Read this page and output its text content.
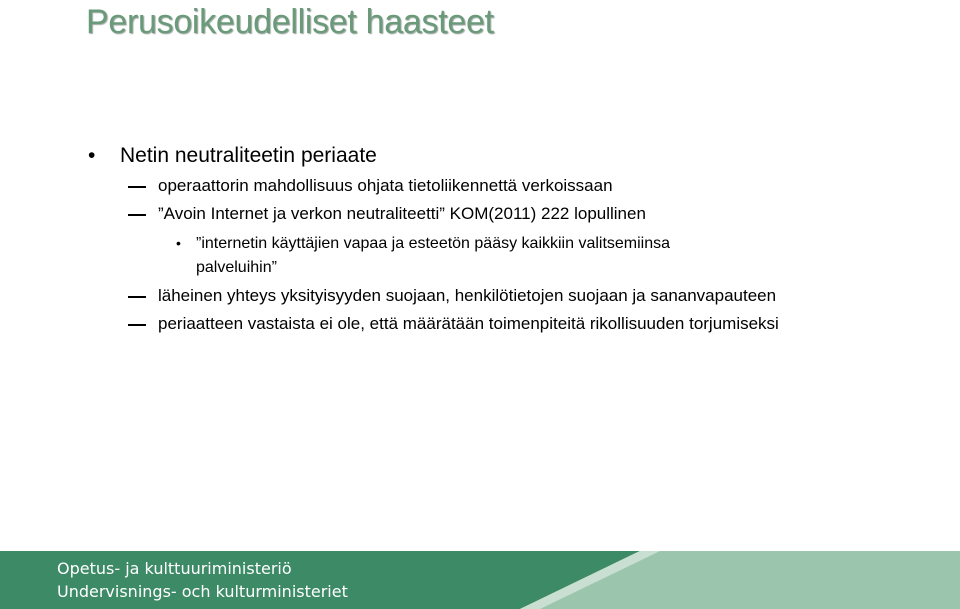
Perusoikeudelliset haasteet
• Netin neutraliteetin periaate
operaattorin mahdollisuus ohjata tietoliikennettä verkoissaan
”Avoin Internet ja verkon neutraliteetti” KOM(2011) 222 lopullinen
• ”internetin käyttäjien vapaa ja esteetön pääsy kaikkiin valitsemiinsa
palveluihin”
läheinen yhteys yksityisyyden suojaan, henkilötietojen suojaan ja sananvapauteen
periaatteen vastaista ei ole, että määrätään toimenpiteitä rikollisuuden torjumiseksi
Opetus- ja kulttuuriministeriö
Undervisnings- och kulturministeriet
